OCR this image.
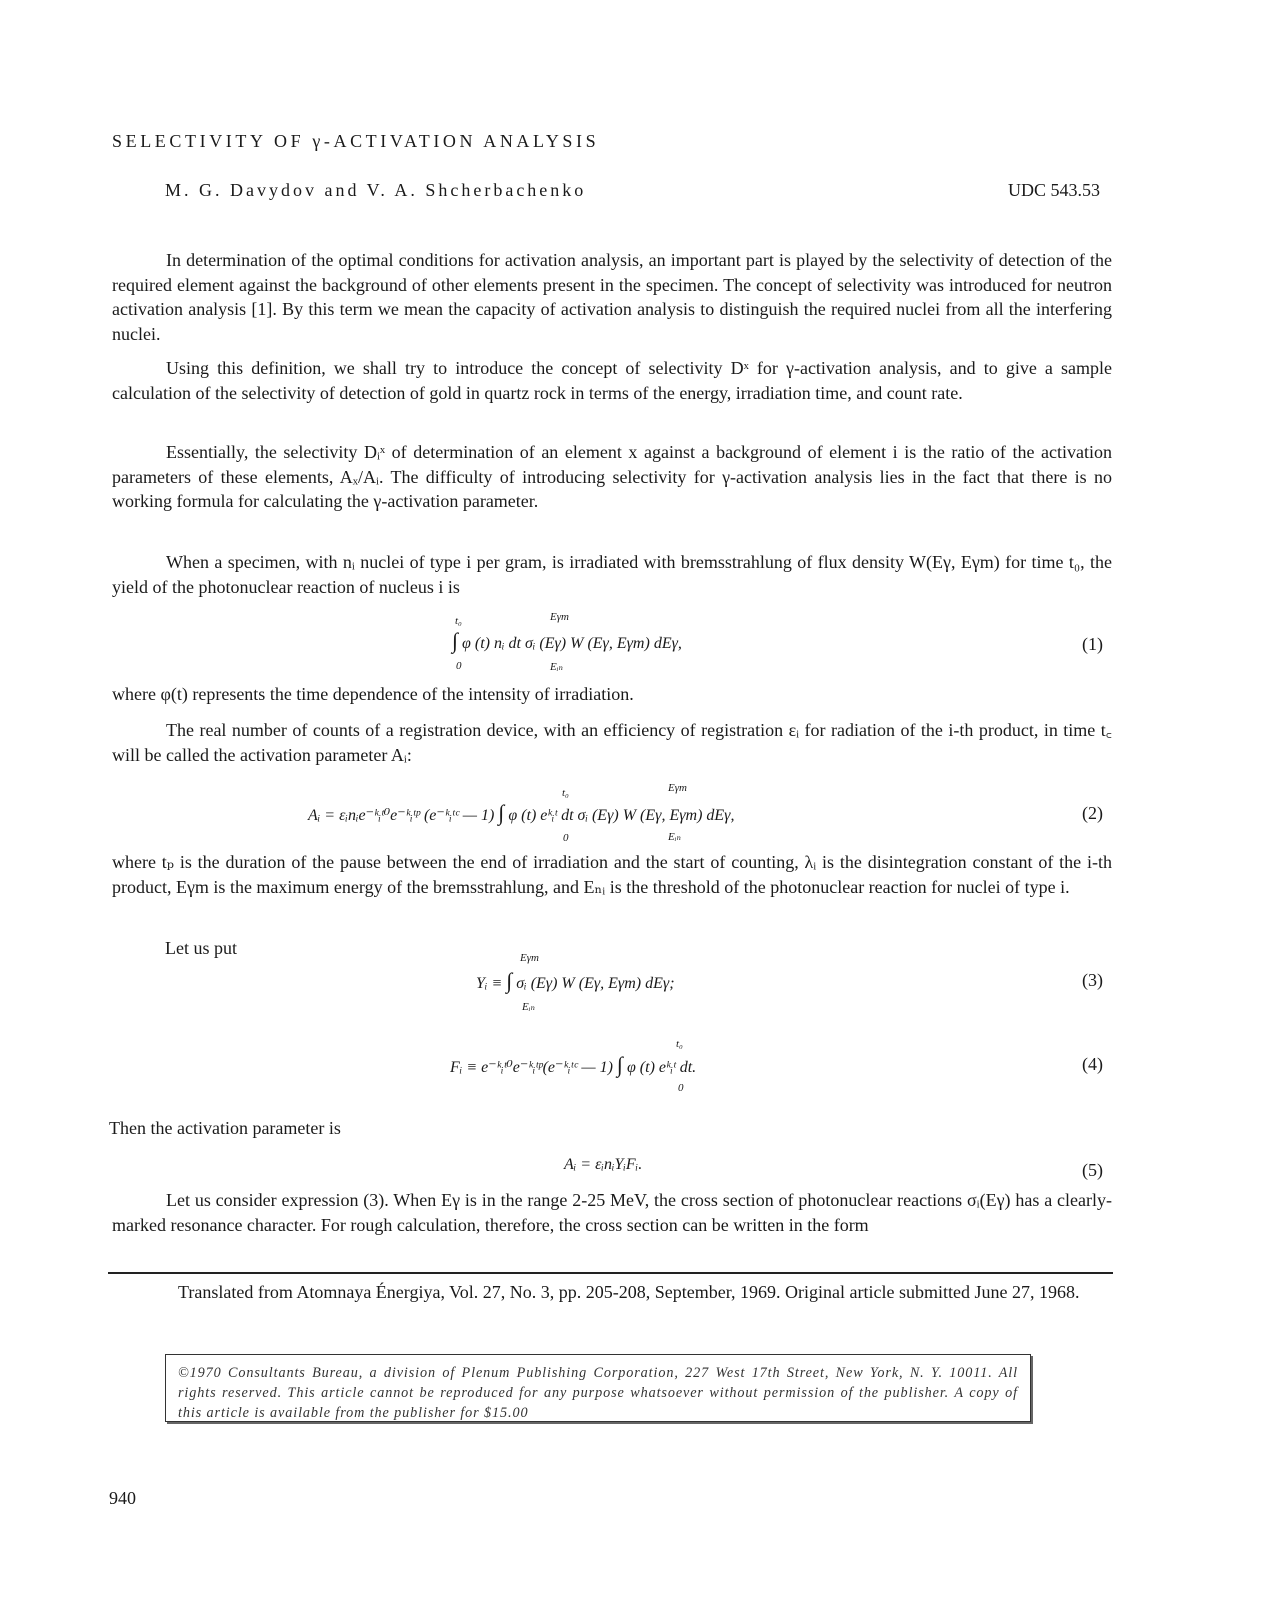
SELECTIVITY OF γ-ACTIVATION ANALYSIS
M. G. Davydov and V. A. Shcherbachenko	UDC 543.53
In determination of the optimal conditions for activation analysis, an important part is played by the selectivity of detection of the required element against the background of other elements present in the specimen. The concept of selectivity was introduced for neutron activation analysis [1]. By this term we mean the capacity of activation analysis to distinguish the required nuclei from all the interfering nuclei.
Using this definition, we shall try to introduce the concept of selectivity Dˣ for γ-activation analysis, and to give a sample calculation of the selectivity of detection of gold in quartz rock in terms of the energy, irradiation time, and count rate.
Essentially, the selectivity Dᵢˣ of determination of an element x against a background of element i is the ratio of the activation parameters of these elements, Aₓ/Aᵢ. The difficulty of introducing selectivity for γ-activation analysis lies in the fact that there is no working formula for calculating the γ-activation parameter.
When a specimen, with nᵢ nuclei of type i per gram, is irradiated with bremsstrahlung of flux density W(Eγ, Eγm) for time t₀, the yield of the photonuclear reaction of nucleus i is
t₀
0
Eγm
Eᵢₙ
∫ φ (t) nᵢ dt σᵢ (Eγ) W (Eγ, Eγm) dEγ,	(1)
where φ(t) represents the time dependence of the intensity of irradiation.
The real number of counts of a registration device, with an efficiency of registration εᵢ for radiation of the i-th product, in time t꜀ will be called the activation parameter Aᵢ:
Aᵢ = εᵢnᵢe⁻ᵏᵢᵗ⁰e⁻ᵏᵢᵗᵖ (e⁻ᵏᵢᵗᶜ — 1) ∫ φ (t) eᵏᵢᵗ dt σᵢ (Eγ) W (Eγ, Eγm) dEγ,
t₀
0
Eγm
Eᵢₙ
(2)
where tₚ is the duration of the pause between the end of irradiation and the start of counting, λᵢ is the disintegration constant of the i-th product, Eγm is the maximum energy of the bremsstrahlung, and Eₙᵢ is the threshold of the photonuclear reaction for nuclei of type i.
Let us put
Yᵢ ≡ ∫ σᵢ (Eγ) W (Eγ, Eγm) dEγ;
Eγm
Eᵢₙ
(3)
Fᵢ ≡ e⁻ᵏᵢᵗ⁰e⁻ᵏᵢᵗᵖ(e⁻ᵏᵢᵗᶜ — 1) ∫ φ (t) eᵏᵢᵗ dt.
t₀
0
(4)
Then the activation parameter is
Aᵢ = εᵢnᵢYᵢFᵢ.	(5)
Let us consider expression (3). When Eγ is in the range 2-25 MeV, the cross section of photonuclear reactions σᵢ(Eγ) has a clearly-marked resonance character. For rough calculation, therefore, the cross section can be written in the form
Translated from Atomnaya Énergiya, Vol. 27, No. 3, pp. 205-208, September, 1969. Original article submitted June 27, 1968.
©1970 Consultants Bureau, a division of Plenum Publishing Corporation, 227 West 17th Street, New York, N. Y. 10011. All rights reserved. This article cannot be reproduced for any purpose whatsoever without permission of the publisher. A copy of this article is available from the publisher for $15.00
940
